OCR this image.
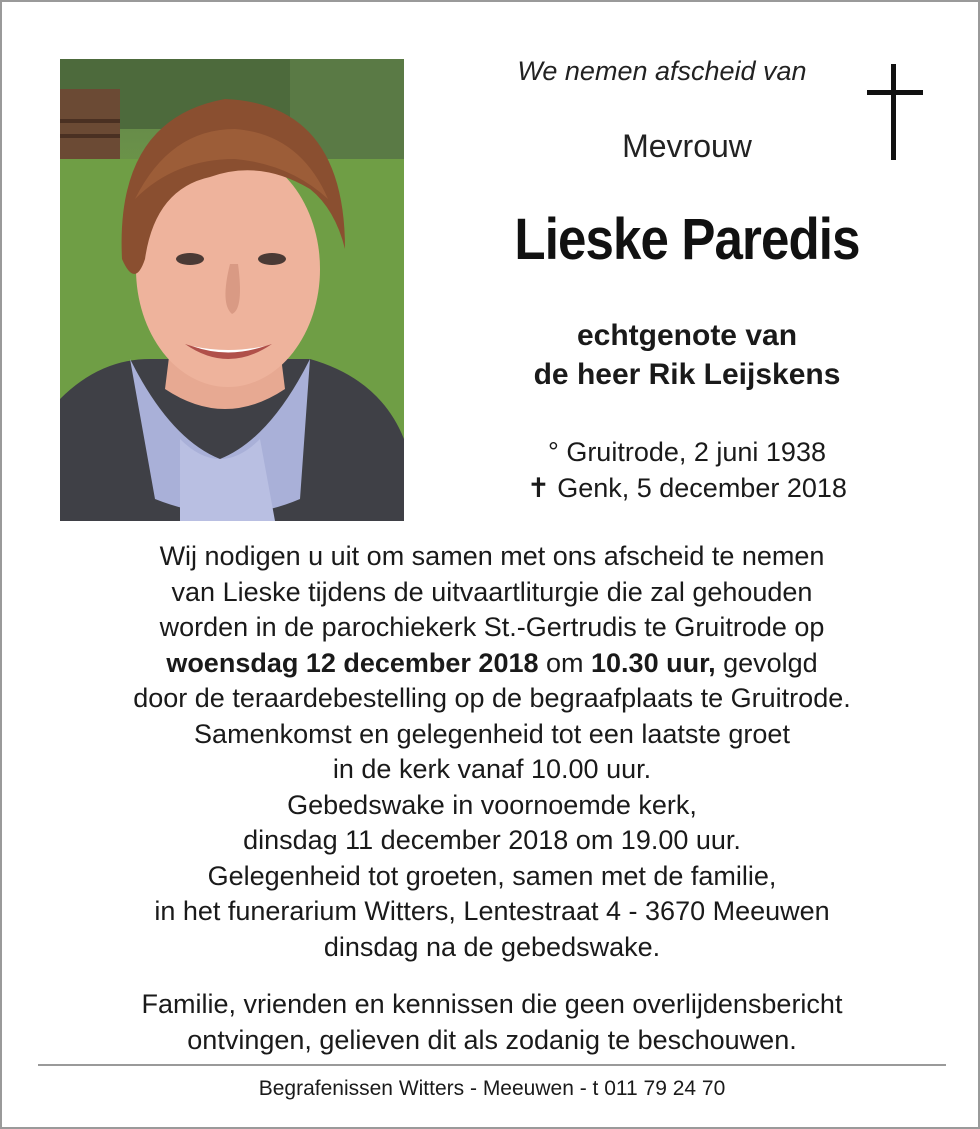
We nemen afscheid van
Mevrouw
Lieske Paredis
echtgenote van
de heer Rik Leijskens
° Gruitrode, 2 juni 1938
✝ Genk, 5 december 2018
Wij nodigen u uit om samen met ons afscheid te nemen
van Lieske tijdens de uitvaartliturgie die zal gehouden
worden in de parochiekerk St.-Gertrudis te Gruitrode op
woensdag 12 december 2018 om 10.30 uur, gevolgd
door de teraardebestelling op de begraafplaats te Gruitrode.
Samenkomst en gelegenheid tot een laatste groet
in de kerk vanaf 10.00 uur.
Gebedswake in voornoemde kerk,
dinsdag 11 december 2018 om 19.00 uur.
Gelegenheid tot groeten, samen met de familie,
in het funerarium Witters, Lentestraat 4 - 3670 Meeuwen
dinsdag na de gebedswake.
Familie, vrienden en kennissen die geen overlijdensbericht
ontvingen, gelieven dit als zodanig te beschouwen.
Begrafenissen Witters - Meeuwen - t 011 79 24 70
